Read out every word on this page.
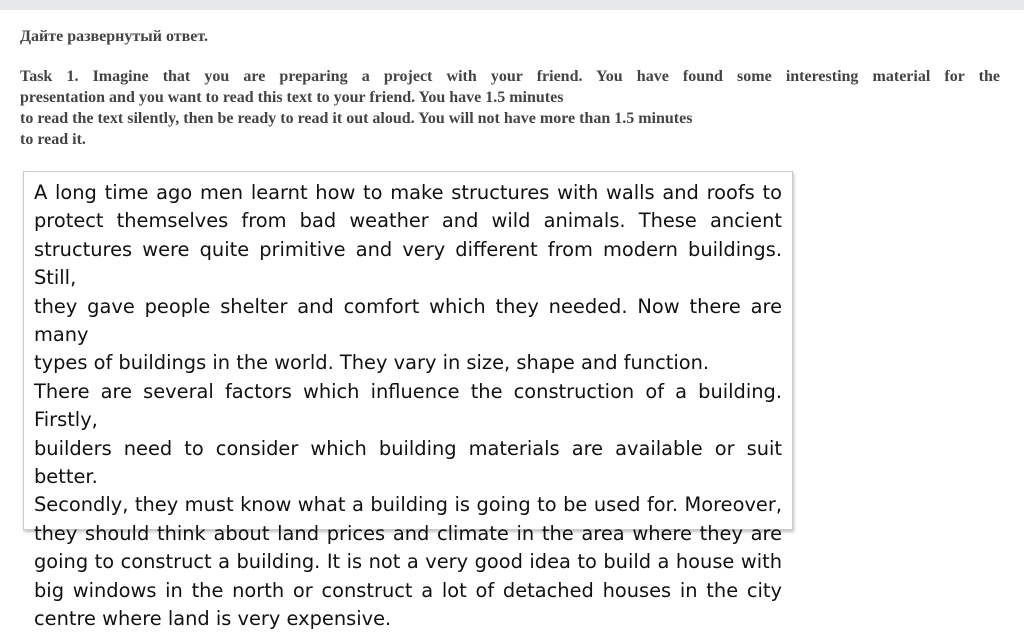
Дайте развернутый ответ.
Task 1. Imagine that you are preparing a project with your friend. You have found some interesting material for the
presentation and you want to read this text to your friend. You have 1.5 minutes
to read the text silently, then be ready to read it out aloud. You will not have more than 1.5 minutes
to read it.

A long time ago men learnt how to make structures with walls and roofs to
protect themselves from bad weather and wild animals. These ancient
structures were quite primitive and very different from modern buildings. Still,
they gave people shelter and comfort which they needed. Now there are many
types of buildings in the world. They vary in size, shape and function.

There are several factors which influence the construction of a building. Firstly,
builders need to consider which building materials are available or suit better.
Secondly, they must know what a building is going to be used for. Moreover,
they should think about land prices and climate in the area where they are
going to construct a building. It is not a very good idea to build a house with
big windows in the north or construct a lot of detached houses in the city
centre where land is very expensive.
